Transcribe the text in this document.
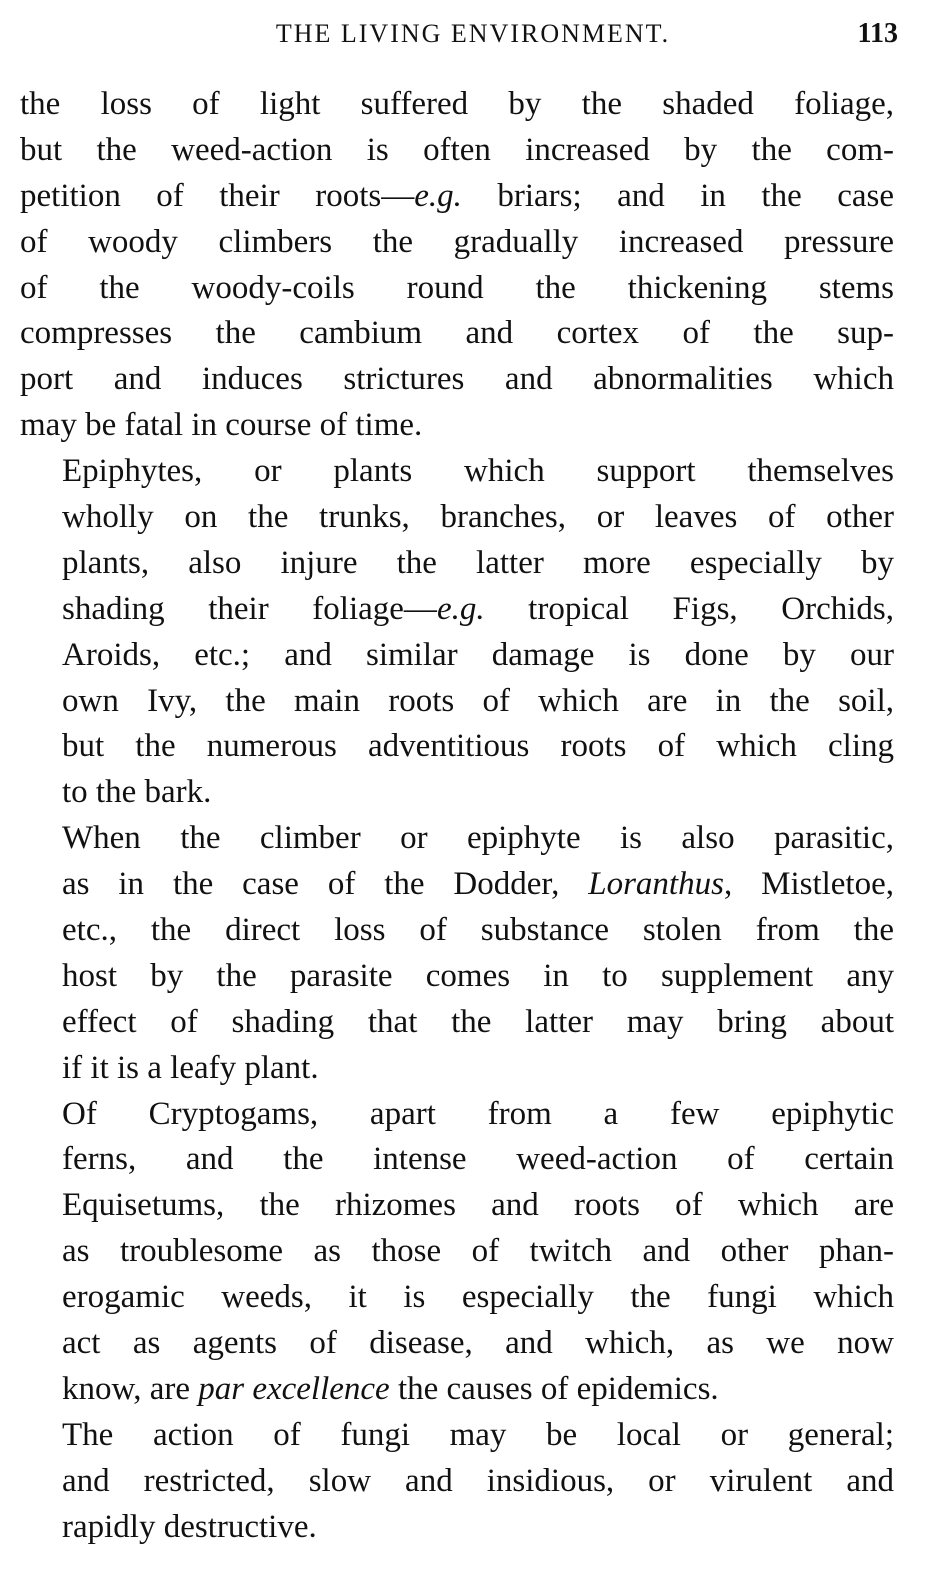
THE LIVING ENVIRONMENT.	113

the loss of light suffered by the shaded foliage,
but the weed-action is often increased by the com-
petition of their roots—e.g. briars; and in the case
of woody climbers the gradually increased pressure
of the woody-coils round the thickening stems
compresses the cambium and cortex of the sup-
port and induces strictures and abnormalities which
may be fatal in course of time.

Epiphytes, or plants which support themselves
wholly on the trunks, branches, or leaves of other
plants, also injure the latter more especially by
shading their foliage—e.g. tropical Figs, Orchids,
Aroids, etc.; and similar damage is done by our
own Ivy, the main roots of which are in the soil,
but the numerous adventitious roots of which cling
to the bark.

When the climber or epiphyte is also parasitic,
as in the case of the Dodder, Loranthus, Mistletoe,
etc., the direct loss of substance stolen from the
host by the parasite comes in to supplement any
effect of shading that the latter may bring about
if it is a leafy plant.

Of Cryptogams, apart from a few epiphytic
ferns, and the intense weed-action of certain
Equisetums, the rhizomes and roots of which are
as troublesome as those of twitch and other phan-
erogamic weeds, it is especially the fungi which
act as agents of disease, and which, as we now
know, are par excellence the causes of epidemics.

The action of fungi may be local or general;
and restricted, slow and insidious, or virulent and
rapidly destructive.
